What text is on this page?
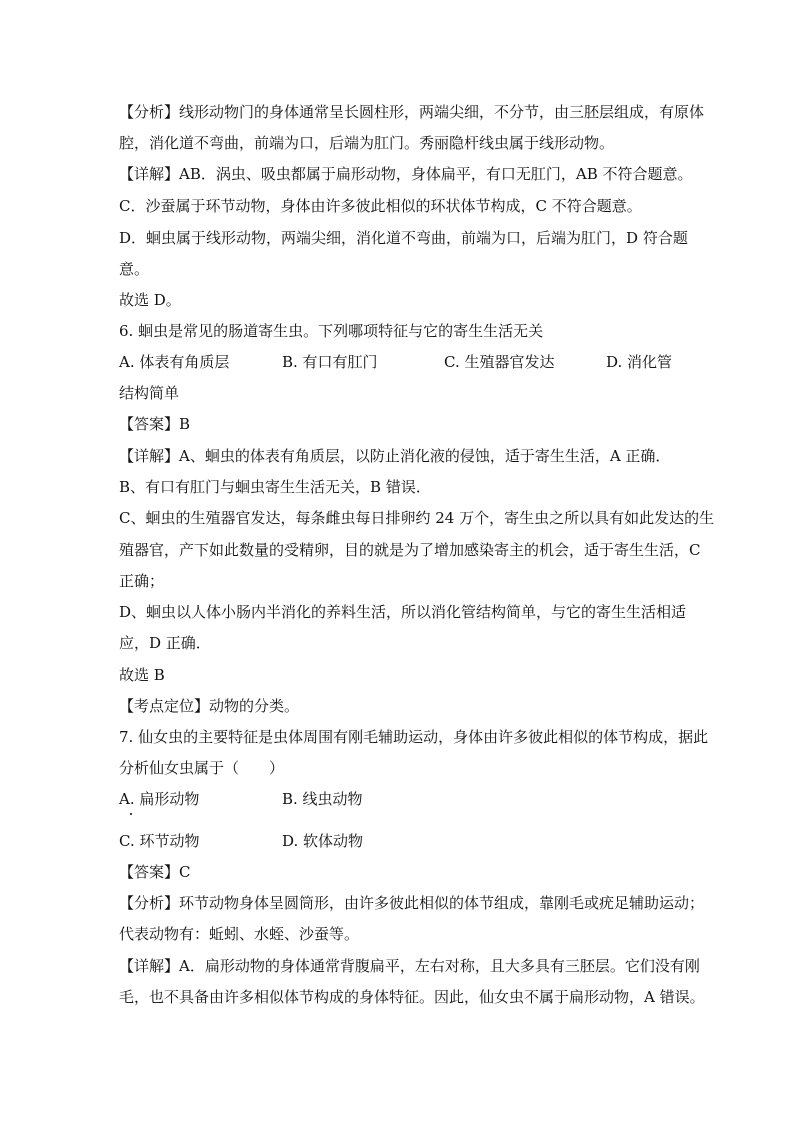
【分析】线形动物门的身体通常呈长圆柱形，两端尖细，不分节，由三胚层组成，有原体
腔，消化道不弯曲，前端为口，后端为肛门。秀丽隐杆线虫属于线形动物。
【详解】AB．涡虫、吸虫都属于扁形动物，身体扁平，有口无肛门，AB 不符合题意。
C．沙蚕属于环节动物，身体由许多彼此相似的环状体节构成，C 不符合题意。
D．蛔虫属于线形动物，两端尖细，消化道不弯曲，前端为口，后端为肛门，D 符合题
意。
故选 D。
6. 蛔虫是常见的肠道寄生虫。下列哪项特征与它的寄生生活无关
A. 体表有角质层	B. 有口有肛门	C. 生殖器官发达	D. 消化管
结构简单
【答案】B
【详解】A、蛔虫的体表有角质层，以防止消化液的侵蚀，适于寄生生活，A 正确．
B、有口有肛门与蛔虫寄生生活无关，B 错误．
C、蛔虫的生殖器官发达，每条雌虫每日排卵约 24 万个，寄生虫之所以具有如此发达的生
殖器官，产下如此数量的受精卵，目的就是为了增加感染寄主的机会，适于寄生生活，C
正确；
D、蛔虫以人体小肠内半消化的养料生活，所以消化管结构简单，与它的寄生生活相适
应，D 正确．
故选 B
【考点定位】动物的分类。
7. 仙女虫的主要特征是虫体周围有刚毛辅助运动，身体由许多彼此相似的体节构成，据此
分析仙女虫属于（　　）
A. 扁形动物	B. 线虫动物
C. 环节动物	D. 软体动物
【答案】C
【分析】环节动物身体呈圆筒形，由许多彼此相似的体节组成，靠刚毛或疣足辅助运动；
代表动物有：蚯蚓、水蛭、沙蚕等。
【详解】A．扁形动物的身体通常背腹扁平，左右对称，且大多具有三胚层。它们没有刚
毛，也不具备由许多相似体节构成的身体特征。因此，仙女虫不属于扁形动物，A 错误。
